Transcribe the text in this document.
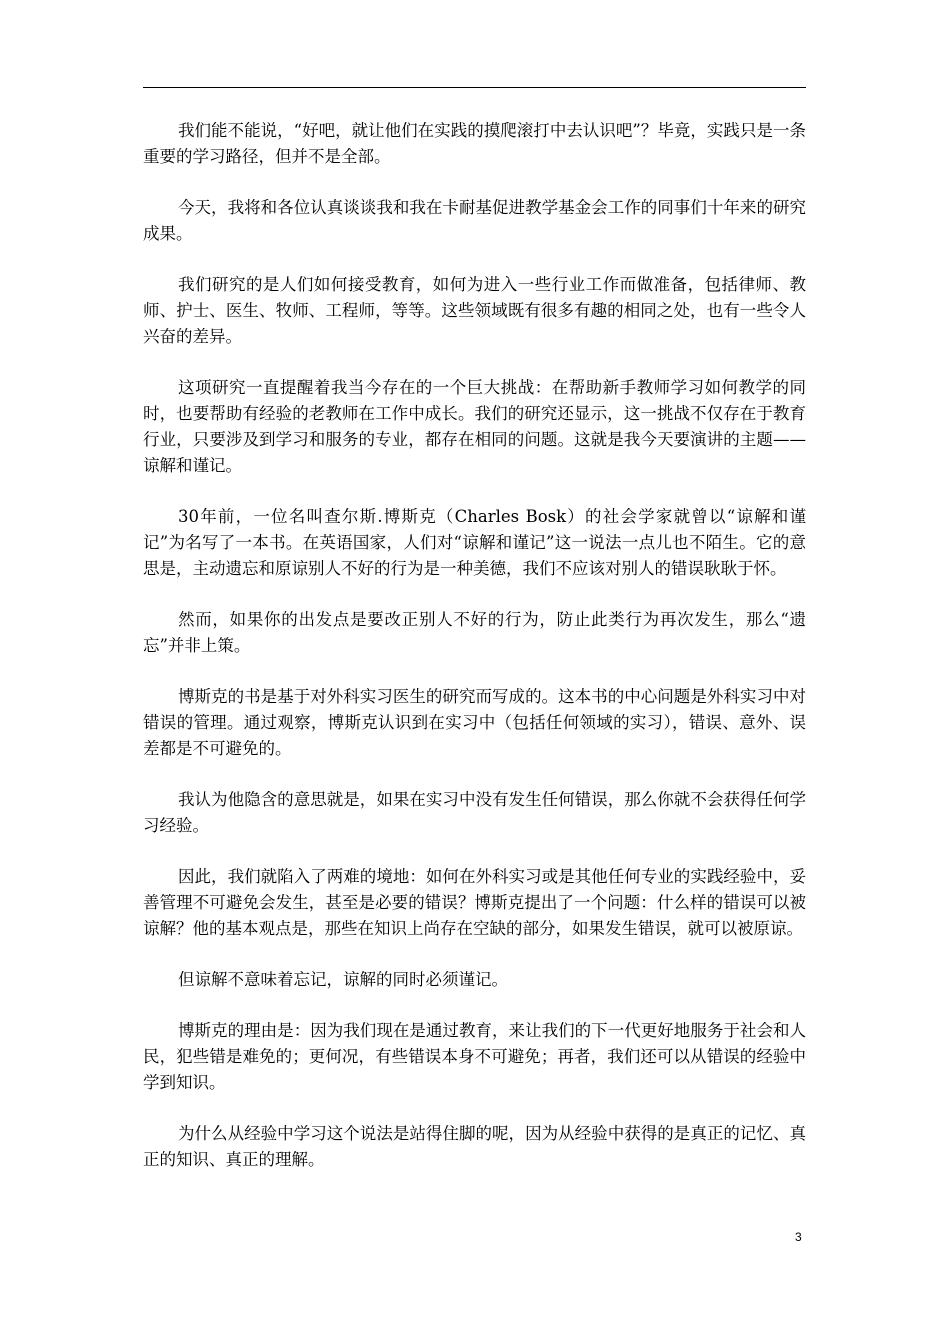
我们能不能说，“好吧，就让他们在实践的摸爬滚打中去认识吧”？毕竟，实践只是一条重要的学习路径，但并不是全部。

今天，我将和各位认真谈谈我和我在卡耐基促进教学基金会工作的同事们十年来的研究成果。

我们研究的是人们如何接受教育，如何为进入一些行业工作而做准备，包括律师、教师、护士、医生、牧师、工程师，等等。这些领域既有很多有趣的相同之处，也有一些令人兴奋的差异。

这项研究一直提醒着我当今存在的一个巨大挑战：在帮助新手教师学习如何教学的同时，也要帮助有经验的老教师在工作中成长。我们的研究还显示，这一挑战不仅存在于教育行业，只要涉及到学习和服务的专业，都存在相同的问题。这就是我今天要演讲的主题——谅解和谨记。

30年前，一位名叫查尔斯.博斯克（Charles Bosk）的社会学家就曾以“谅解和谨记”为名写了一本书。在英语国家，人们对“谅解和谨记”这一说法一点儿也不陌生。它的意思是，主动遗忘和原谅别人不好的行为是一种美德，我们不应该对别人的错误耿耿于怀。

然而，如果你的出发点是要改正别人不好的行为，防止此类行为再次发生，那么“遗忘”并非上策。

博斯克的书是基于对外科实习医生的研究而写成的。这本书的中心问题是外科实习中对错误的管理。通过观察，博斯克认识到在实习中（包括任何领域的实习），错误、意外、误差都是不可避免的。

我认为他隐含的意思就是，如果在实习中没有发生任何错误，那么你就不会获得任何学习经验。

因此，我们就陷入了两难的境地：如何在外科实习或是其他任何专业的实践经验中，妥善管理不可避免会发生，甚至是必要的错误？博斯克提出了一个问题：什么样的错误可以被谅解？他的基本观点是，那些在知识上尚存在空缺的部分，如果发生错误，就可以被原谅。

但谅解不意味着忘记，谅解的同时必须谨记。

博斯克的理由是：因为我们现在是通过教育，来让我们的下一代更好地服务于社会和人民，犯些错是难免的；更何况，有些错误本身不可避免；再者，我们还可以从错误的经验中学到知识。

为什么从经验中学习这个说法是站得住脚的呢，因为从经验中获得的是真正的记忆、真正的知识、真正的理解。

3
